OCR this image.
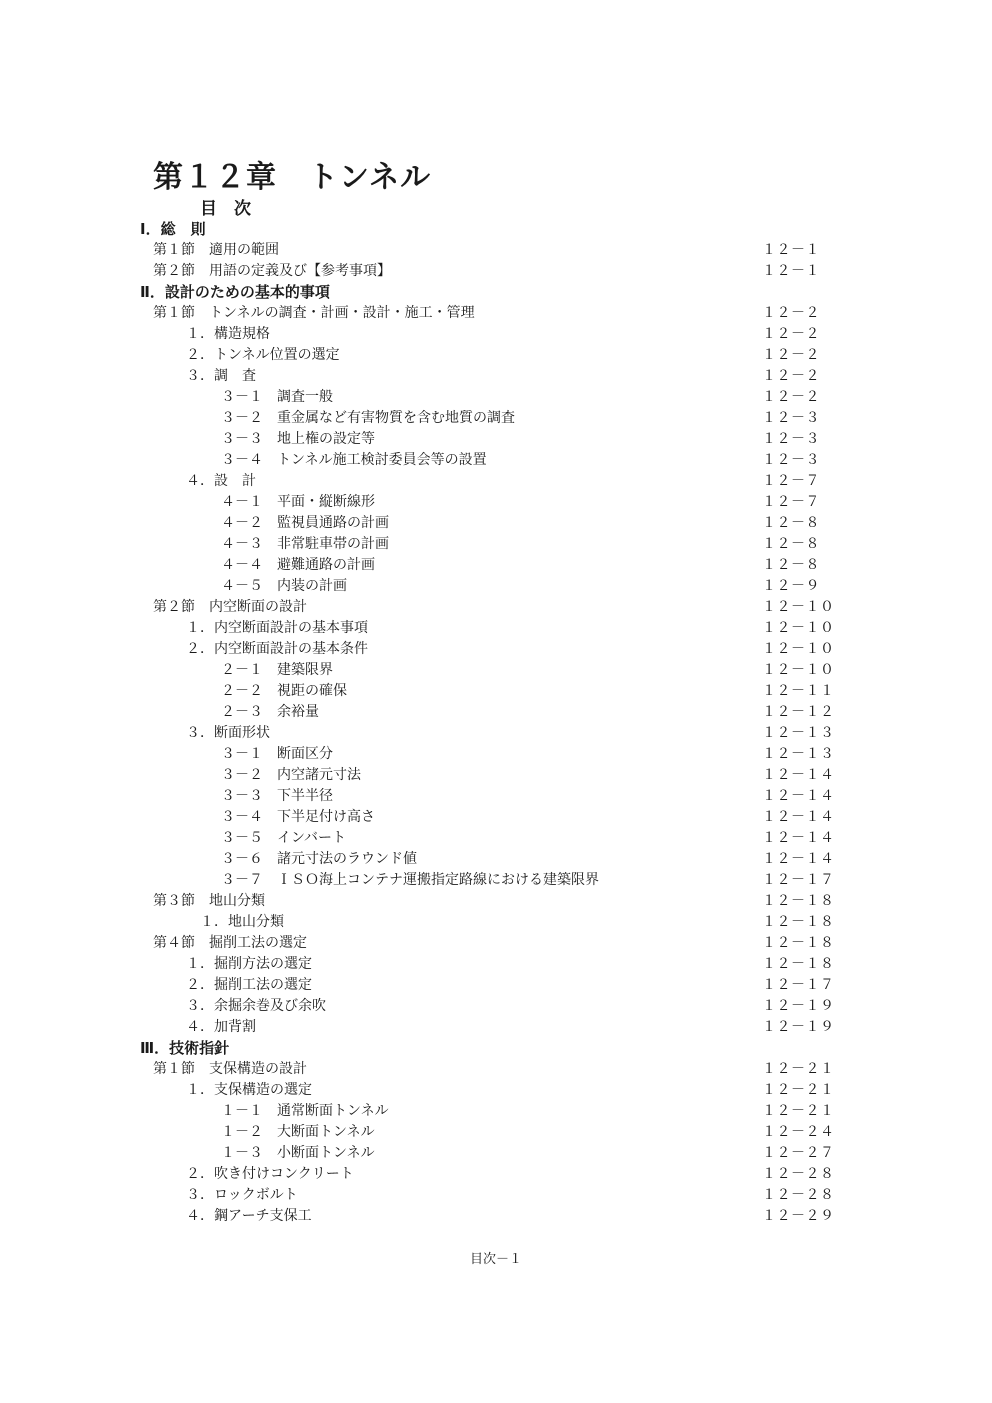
第１２章　トンネル
目　次
Ⅰ．総　則
第１節　適用の範囲	１２－１
第２節　用語の定義及び【参考事項】	１２－１
Ⅱ．設計のための基本的事項
第１節　トンネルの調査・計画・設計・施工・管理	１２－２
１．構造規格	１２－２
２．トンネル位置の選定	１２－２
３．調　査	１２－２
３－１　調査一般	１２－２
３－２　重金属など有害物質を含む地質の調査	１２－３
３－３　地上権の設定等	１２－３
３－４　トンネル施工検討委員会等の設置	１２－３
４．設　計	１２－７
４－１　平面・縦断線形	１２－７
４－２　監視員通路の計画	１２－８
４－３　非常駐車帯の計画	１２－８
４－４　避難通路の計画	１２－８
４－５　内装の計画	１２－９
第２節　内空断面の設計	１２－１０
１．内空断面設計の基本事項	１２－１０
２．内空断面設計の基本条件	１２－１０
２－１　建築限界	１２－１０
２－２　視距の確保	１２－１１
２－３　余裕量	１２－１２
３．断面形状	１２－１３
３－１　断面区分	１２－１３
３－２　内空諸元寸法	１２－１４
３－３　下半半径	１２－１４
３－４　下半足付け高さ	１２－１４
３－５　インバート	１２－１４
３－６　諸元寸法のラウンド値	１２－１４
３－７　ＩＳＯ海上コンテナ運搬指定路線における建築限界	１２－１７
第３節　地山分類	１２－１８
　１．地山分類	１２－１８
第４節　掘削工法の選定	１２－１８
１．掘削方法の選定	１２－１８
２．掘削工法の選定	１２－１７
３．余掘余巻及び余吹	１２－１９
４．加背割	１２－１９
Ⅲ．技術指針
第１節　支保構造の設計	１２－２１
１．支保構造の選定	１２－２１
１－１　通常断面トンネル	１２－２１
１－２　大断面トンネル	１２－２４
１－３　小断面トンネル	１２－２７
２．吹き付けコンクリート	１２－２８
３．ロックボルト	１２－２８
４．鋼アーチ支保工	１２－２９
目次－１
